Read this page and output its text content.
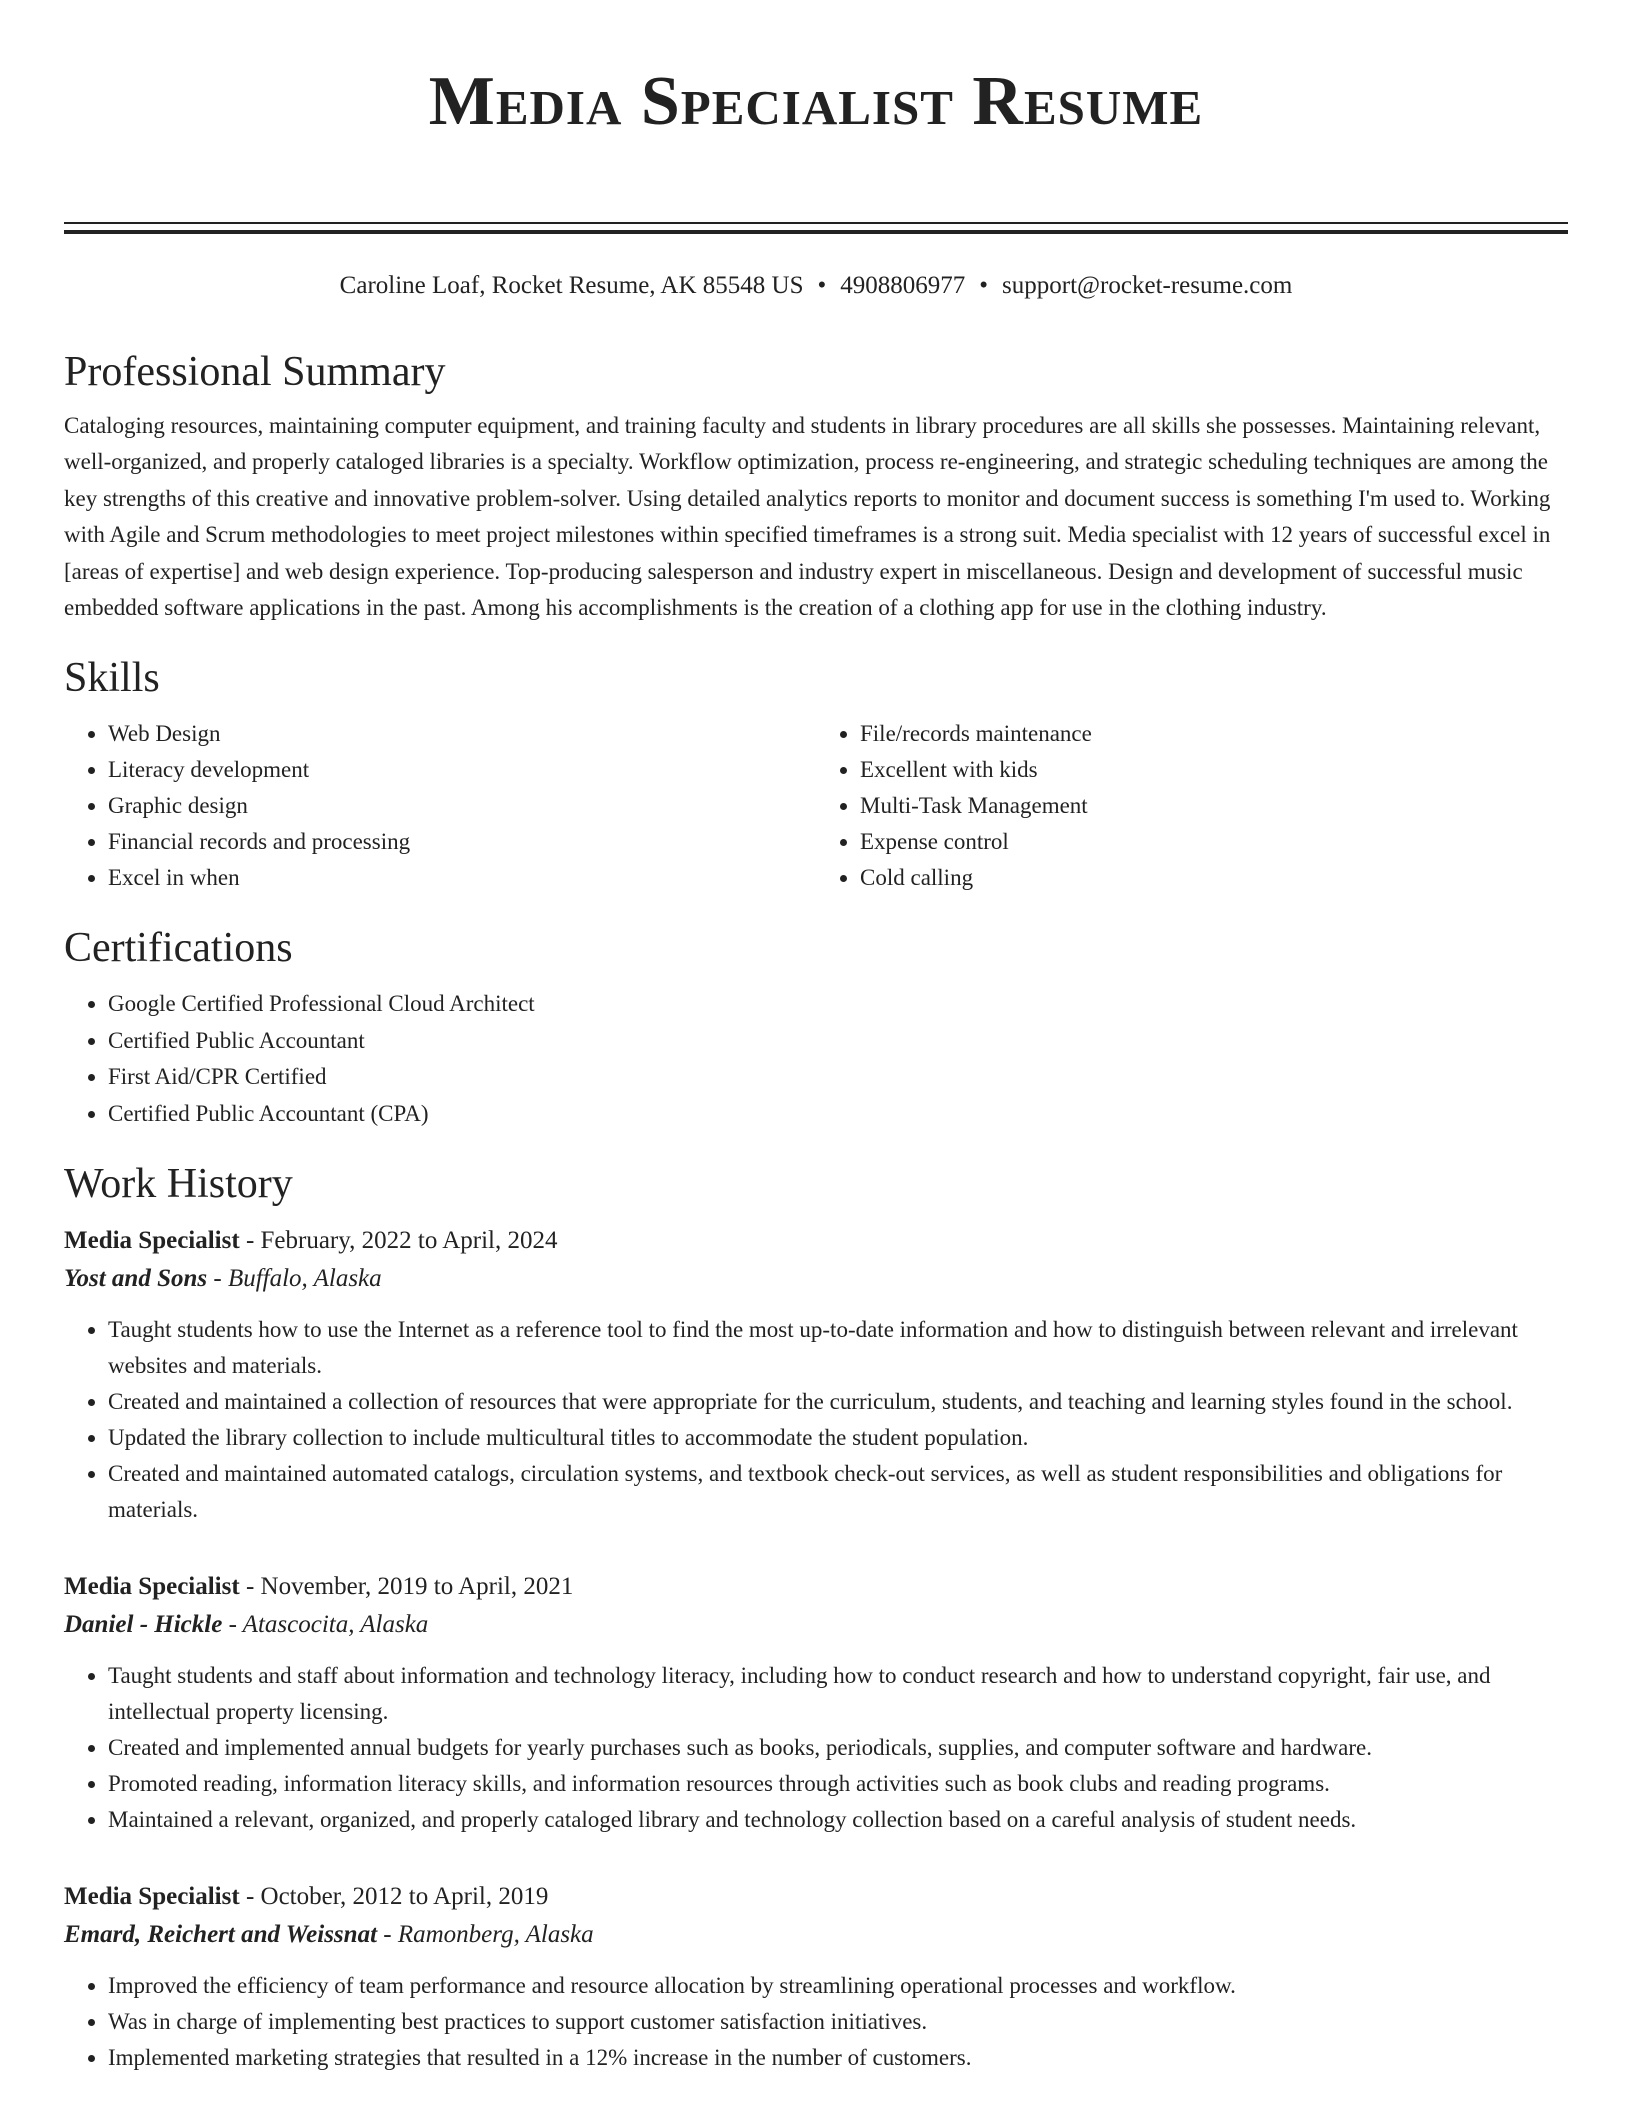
Media Specialist Resume
Caroline Loaf, Rocket Resume, AK 85548 US • 4908806977 • support@rocket-resume.com
Professional Summary

Cataloging resources, maintaining computer equipment, and training faculty and students in library procedures are all skills she possesses. Maintaining relevant, well-organized, and properly cataloged libraries is a specialty. Workflow optimization, process re-engineering, and strategic scheduling techniques are among the key strengths of this creative and innovative problem-solver. Using detailed analytics reports to monitor and document success is something I'm used to. Working with Agile and Scrum methodologies to meet project milestones within specified timeframes is a strong suit. Media specialist with 12 years of successful excel in [areas of expertise] and web design experience. Top-producing salesperson and industry expert in miscellaneous. Design and development of successful music embedded software applications in the past. Among his accomplishments is the creation of a clothing app for use in the clothing industry.

Skills
• Web Design
• Literacy development
• Graphic design
• Financial records and processing
• Excel in when
• File/records maintenance
• Excellent with kids
• Multi-Task Management
• Expense control
• Cold calling
Certifications
• Google Certified Professional Cloud Architect
• Certified Public Accountant
• First Aid/CPR Certified
• Certified Public Accountant (CPA)
Work History
Media Specialist - February, 2022 to April, 2024
Yost and Sons - Buffalo, Alaska
• Taught students how to use the Internet as a reference tool to find the most up-to-date information and how to distinguish between relevant and irrelevant websites and materials.
• Created and maintained a collection of resources that were appropriate for the curriculum, students, and teaching and learning styles found in the school.
• Updated the library collection to include multicultural titles to accommodate the student population.
• Created and maintained automated catalogs, circulation systems, and textbook check-out services, as well as student responsibilities and obligations for materials.
Media Specialist - November, 2019 to April, 2021
Daniel - Hickle - Atascocita, Alaska
• Taught students and staff about information and technology literacy, including how to conduct research and how to understand copyright, fair use, and intellectual property licensing.
• Created and implemented annual budgets for yearly purchases such as books, periodicals, supplies, and computer software and hardware.
• Promoted reading, information literacy skills, and information resources through activities such as book clubs and reading programs.
• Maintained a relevant, organized, and properly cataloged library and technology collection based on a careful analysis of student needs.
Media Specialist - October, 2012 to April, 2019
Emard, Reichert and Weissnat - Ramonberg, Alaska
• Improved the efficiency of team performance and resource allocation by streamlining operational processes and workflow.
• Was in charge of implementing best practices to support customer satisfaction initiatives.
• Implemented marketing strategies that resulted in a 12% increase in the number of customers.
